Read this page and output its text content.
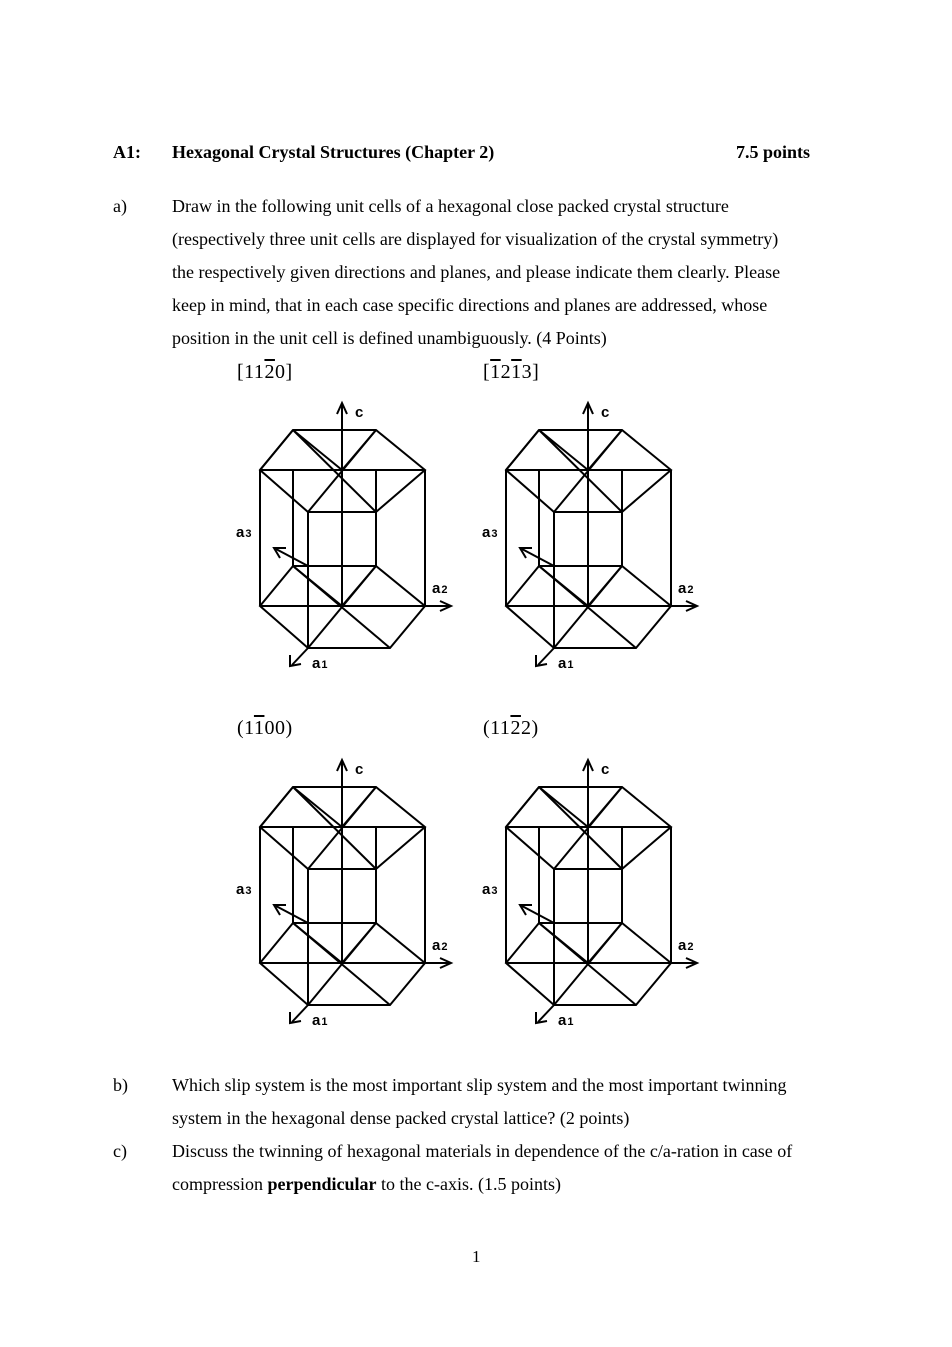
A1: Hexagonal Crystal Structures (Chapter 2)	7.5 points
a)	Draw in the following unit cells of a hexagonal close packed crystal structure
(respectively three unit cells are displayed for visualization of the crystal symmetry)
the respectively given directions and planes, and please indicate them clearly. Please
keep in mind, that in each case specific directions and planes are addressed, whose
position in the unit cell is defined unambiguously. (4 Points)
[1120]	[1213]
(1100)	(1122)
c
a2
a3
a1
b) Which slip system is the most important slip system and the most important twinning
system in the hexagonal dense packed crystal lattice? (2 points)
c)	Discuss the twinning of hexagonal materials in dependence of the c/a-ration in case of
compression perpendicular to the c-axis. (1.5 points)
1
